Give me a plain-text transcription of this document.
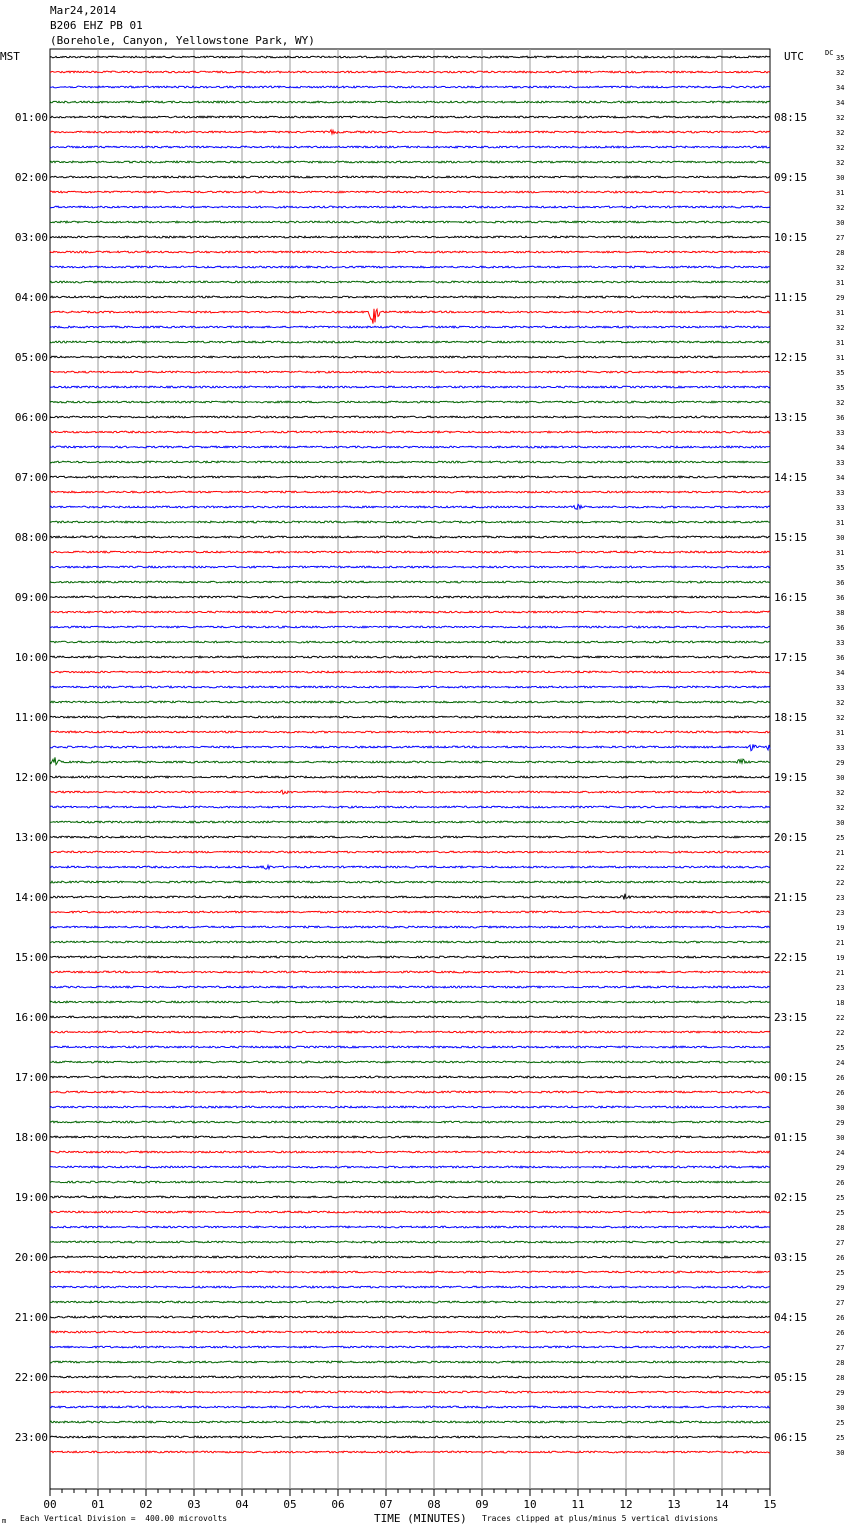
Mar24,2014
B206 EHZ PB 01
(Borehole, Canyon, Yellowstone Park, WY)
MST	UTC	DC
00	01	02	03	04	05	06	07	08	09	10	11	12	13	14	15
35
32
34
34
32
32
32
32
30
31
32
30
27
28
32
31
29
31
32
31
31
35
35
32
36
33
34
33
34
33
33
31
30
31
35
36
36
38
36
33
36
34
33
32
32
31
33
29
30
32
32
30
25
21
22
22
23
23
19
21
19
21
23
18
22
22
25
24
26
26
30
29
30
24
29
26
25
25
28
27
26
25
29
27
26
26
27
28
28
29
30
25
25
30
01:00
02:00
03:00
04:00
05:00
06:00
07:00
08:00
09:00
10:00
11:00
12:00
13:00
14:00
15:00
16:00
17:00
18:00
19:00
20:00
21:00
22:00
23:00
08:15
09:15
10:15
11:15
12:15
13:15
14:15
15:15
16:15
17:15
18:15
19:15
20:15
21:15
22:15
23:15
00:15
01:15
02:15
03:15
04:15
05:15
06:15
m Each Vertical Division =  400.00 microvolts	TIME (MINUTES) Traces clipped at plus/minus 5 vertical divisions
